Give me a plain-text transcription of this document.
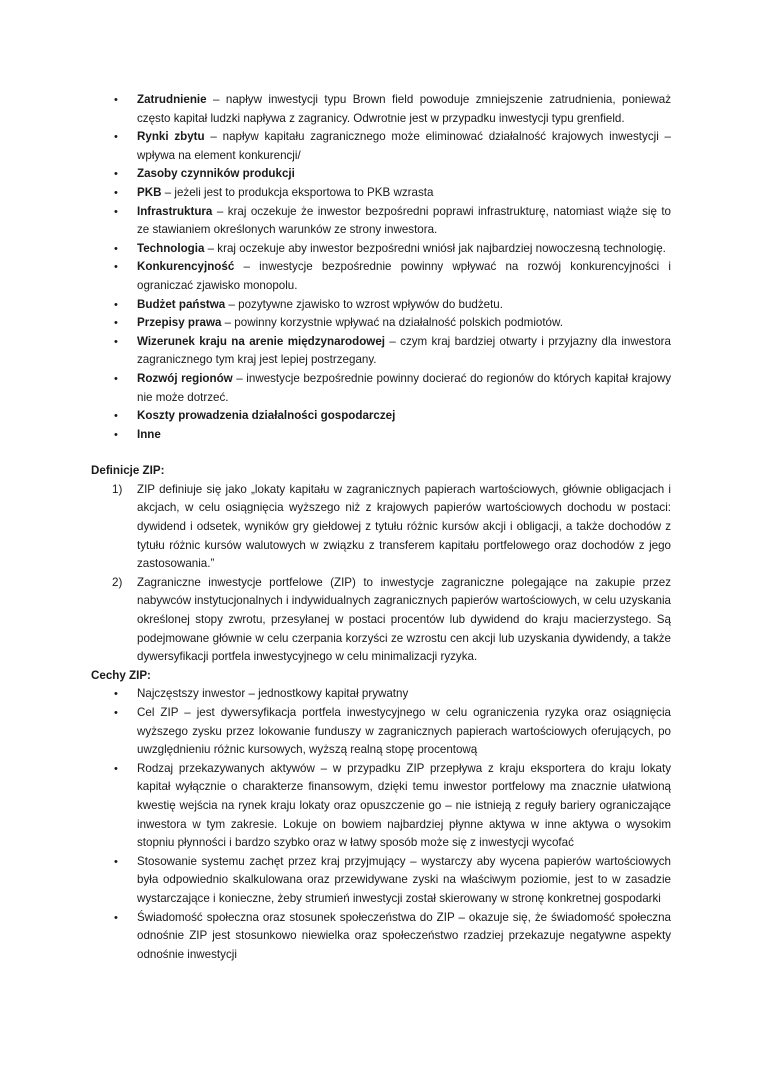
• Zatrudnienie – napływ inwestycji typu Brown field powoduje zmniejszenie zatrudnienia, ponieważ często kapitał ludzki napływa z zagranicy. Odwrotnie jest w przypadku inwestycji typu grenfield.
• Rynki zbytu – napływ kapitału zagranicznego może eliminować działalność krajowych inwestycji – wpływa na element konkurencji/
• Zasoby czynników produkcji
• PKB – jeżeli jest to produkcja eksportowa to PKB wzrasta
• Infrastruktura – kraj oczekuje że inwestor bezpośredni poprawi infrastrukturę, natomiast wiąże się to ze stawianiem określonych warunków ze strony inwestora.
• Technologia – kraj oczekuje aby inwestor bezpośredni wniósł jak najbardziej nowoczesną technologię.
• Konkurencyjność – inwestycje bezpośrednie powinny wpływać na rozwój konkurencyjności i ograniczać zjawisko monopolu.
• Budżet państwa – pozytywne zjawisko to wzrost wpływów do budżetu.
• Przepisy prawa – powinny korzystnie wpływać na działalność polskich podmiotów.
• Wizerunek kraju na arenie międzynarodowej – czym kraj bardziej otwarty i przyjazny dla inwestora zagranicznego tym kraj jest lepiej postrzegany.
• Rozwój regionów – inwestycje bezpośrednie powinny docierać do regionów do których kapitał krajowy nie może dotrzeć.
• Koszty prowadzenia działalności gospodarczej
• Inne

Definicje ZIP:

1) ZIP definiuje się jako „lokaty kapitału w zagranicznych papierach wartościowych, głównie obligacjach i akcjach, w celu osiągnięcia wyższego niż z krajowych papierów wartościowych dochodu w postaci: dywidend i odsetek, wyników gry giełdowej z tytułu różnic kursów akcji i obligacji, a także dochodów z tytułu różnic kursów walutowych w związku z transferem kapitału portfelowego oraz dochodów z jego zastosowania.”
2) Zagraniczne inwestycje portfelowe (ZIP) to inwestycje zagraniczne polegające na zakupie przez nabywców instytucjonalnych i indywidualnych zagranicznych papierów wartościowych, w celu uzyskania określonej stopy zwrotu, przesyłanej w postaci procentów lub dywidend do kraju macierzystego. Są podejmowane głównie w celu czerpania korzyści ze wzrostu cen akcji lub uzyskania dywidendy, a także dywersyfikacji portfela inwestycyjnego w celu minimalizacji ryzyka.

Cechy ZIP:

• Najczęstszy inwestor – jednostkowy kapitał prywatny
• Cel ZIP – jest dywersyfikacja portfela inwestycyjnego w celu ograniczenia ryzyka oraz osiągnięcia wyższego zysku przez lokowanie funduszy w zagranicznych papierach wartościowych oferujących, po uwzględnieniu różnic kursowych, wyższą realną stopę procentową
• Rodzaj przekazywanych aktywów – w przypadku ZIP przepływa z kraju eksportera do kraju lokaty kapitał wyłącznie o charakterze finansowym, dzięki temu inwestor portfelowy ma znacznie ułatwioną kwestię wejścia na rynek kraju lokaty oraz opuszczenie go – nie istnieją z reguły bariery ograniczające inwestora w tym zakresie. Lokuje on bowiem najbardziej płynne aktywa w inne aktywa o wysokim stopniu płynności i bardzo szybko oraz w łatwy sposób może się z inwestycji wycofać
• Stosowanie systemu zachęt przez kraj przyjmujący – wystarczy aby wycena papierów wartościowych była odpowiednio skalkulowana oraz przewidywane zyski na właściwym poziomie, jest to w zasadzie wystarczające i konieczne, żeby strumień inwestycji został skierowany w stronę konkretnej gospodarki
• Świadomość społeczna oraz stosunek społeczeństwa do ZIP – okazuje się, że świadomość społeczna odnośnie ZIP jest stosunkowo niewielka oraz społeczeństwo rzadziej przekazuje negatywne aspekty odnośnie inwestycji
